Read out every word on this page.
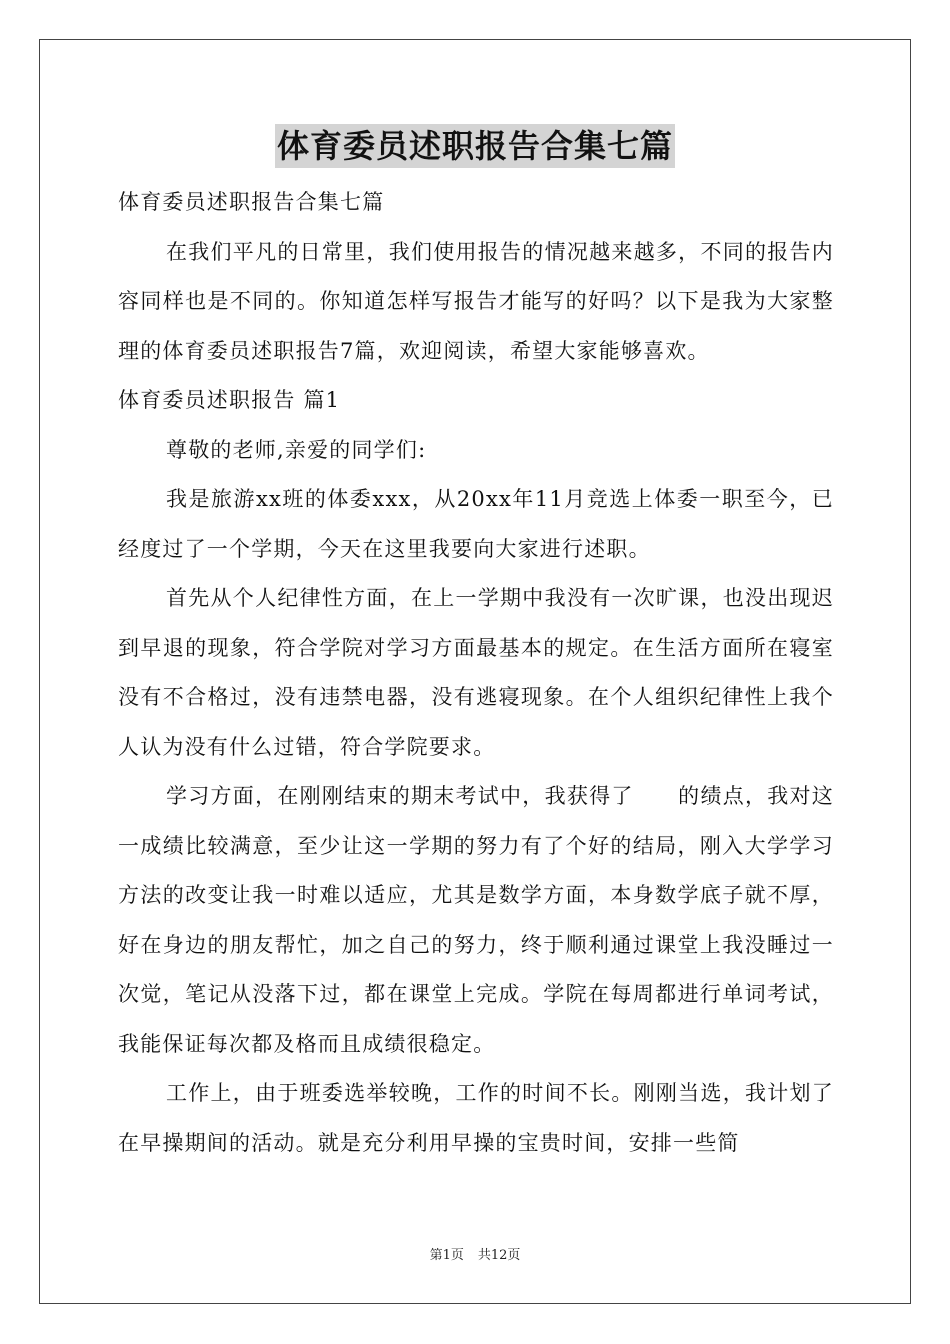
体育委员述职报告合集七篇

体育委员述职报告合集七篇

在我们平凡的日常里，我们使用报告的情况越来越多，不同的报告内容同样也是不同的。你知道怎样写报告才能写的好吗？以下是我为大家整理的体育委员述职报告7篇，欢迎阅读，希望大家能够喜欢。

体育委员述职报告 篇1

尊敬的老师,亲爱的同学们:

我是旅游xx班的体委xxx，从20xx年11月竞选上体委一职至今，已经度过了一个学期，今天在这里我要向大家进行述职。

首先从个人纪律性方面，在上一学期中我没有一次旷课，也没出现迟到早退的现象，符合学院对学习方面最基本的规定。在生活方面所在寝室没有不合格过，没有违禁电器，没有逃寝现象。在个人组织纪律性上我个人认为没有什么过错，符合学院要求。

学习方面，在刚刚结束的期末考试中，我获得了　　的绩点，我对这一成绩比较满意，至少让这一学期的努力有了个好的结局，刚入大学学习方法的改变让我一时难以适应，尤其是数学方面，本身数学底子就不厚，好在身边的朋友帮忙，加之自己的努力，终于顺利通过课堂上我没睡过一次觉，笔记从没落下过，都在课堂上完成。学院在每周都进行单词考试，我能保证每次都及格而且成绩很稳定。

工作上，由于班委选举较晚，工作的时间不长。刚刚当选，我计划了在早操期间的活动。就是充分利用早操的宝贵时间，安排一些简

第1页 共12页
